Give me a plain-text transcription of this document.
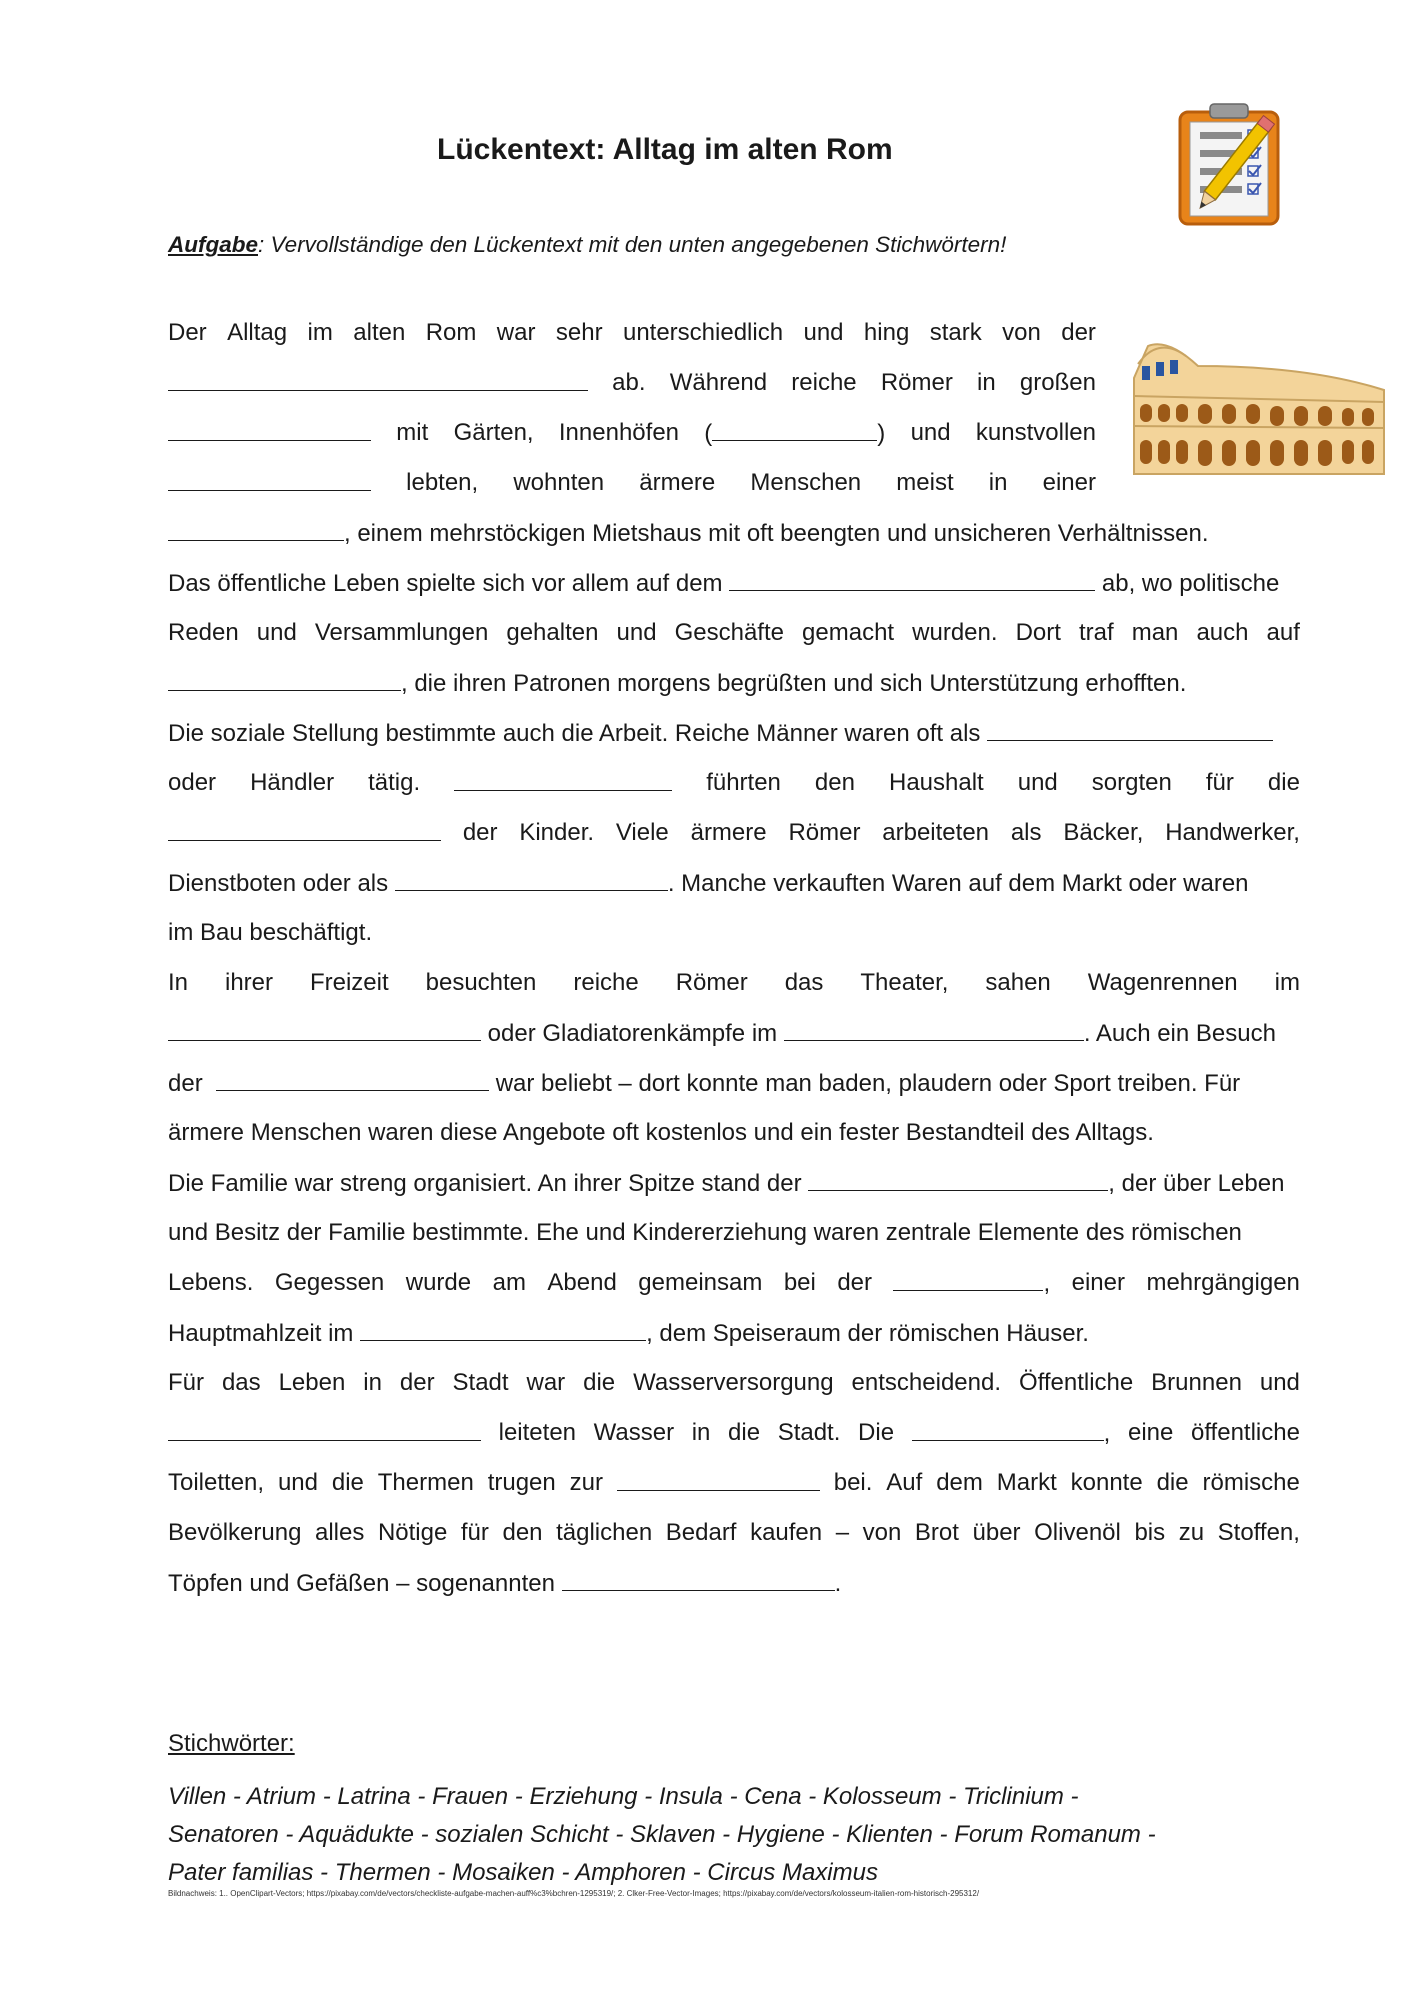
Lückentext: Alltag im alten Rom
Aufgabe: Vervollständige den Lückentext mit den unten angegebenen Stichwörtern!
Der Alltag im alten Rom war sehr unterschiedlich und hing stark von der
ab. Während reiche Römer in großen
mit Gärten, Innenhöfen (	) und kunstvollen
lebten, wohnten ärmere Menschen meist in einer
, einem mehrstöckigen Mietshaus mit oft beengten und unsicheren Verhältnissen.
Das öffentliche Leben spielte sich vor allem auf dem	ab, wo politische
Reden und Versammlungen gehalten und Geschäfte gemacht wurden. Dort traf man auch auf
, die ihren Patronen morgens begrüßten und sich Unterstützung erhofften.
Die soziale Stellung bestimmte auch die Arbeit. Reiche Männer waren oft als
oder Händler tätig.	führten den Haushalt und sorgten für die
der Kinder. Viele ärmere Römer arbeiteten als Bäcker, Handwerker,
Dienstboten oder als	. Manche verkauften Waren auf dem Markt oder waren
im Bau beschäftigt.
In ihrer Freizeit besuchten reiche Römer das Theater, sahen Wagenrennen im
oder Gladiatorenkämpfe im	. Auch ein Besuch
der	war beliebt – dort konnte man baden, plaudern oder Sport treiben. Für
ärmere Menschen waren diese Angebote oft kostenlos und ein fester Bestandteil des Alltags.
Die Familie war streng organisiert. An ihrer Spitze stand der	, der über Leben
und Besitz der Familie bestimmte. Ehe und Kindererziehung waren zentrale Elemente des römischen
Lebens. Gegessen wurde am Abend gemeinsam bei der	, einer mehrgängigen
Hauptmahlzeit im	, dem Speiseraum der römischen Häuser.
Für das Leben in der Stadt war die Wasserversorgung entscheidend. Öffentliche Brunnen und
leiteten Wasser in die Stadt. Die	, eine öffentliche
Toiletten, und die Thermen trugen zur	bei. Auf dem Markt konnte die römische
Bevölkerung alles Nötige für den täglichen Bedarf kaufen – von Brot über Olivenöl bis zu Stoffen,
Töpfen und Gefäßen – sogenannten	.
Stichwörter:
Villen - Atrium - Latrina - Frauen - Erziehung - Insula - Cena - Kolosseum - Triclinium -
Senatoren - Aquädukte - sozialen Schicht - Sklaven - Hygiene - Klienten - Forum Romanum -
Pater familias - Thermen - Mosaiken - Amphoren - Circus Maximus
Bildnachweis: 1.. OpenClipart-Vectors; https://pixabay.com/de/vectors/checkliste-aufgabe-machen-auff%c3%bchren-1295319/; 2. Clker-Free-Vector-Images; https://pixabay.com/de/vectors/kolosseum-italien-rom-historisch-295312/
